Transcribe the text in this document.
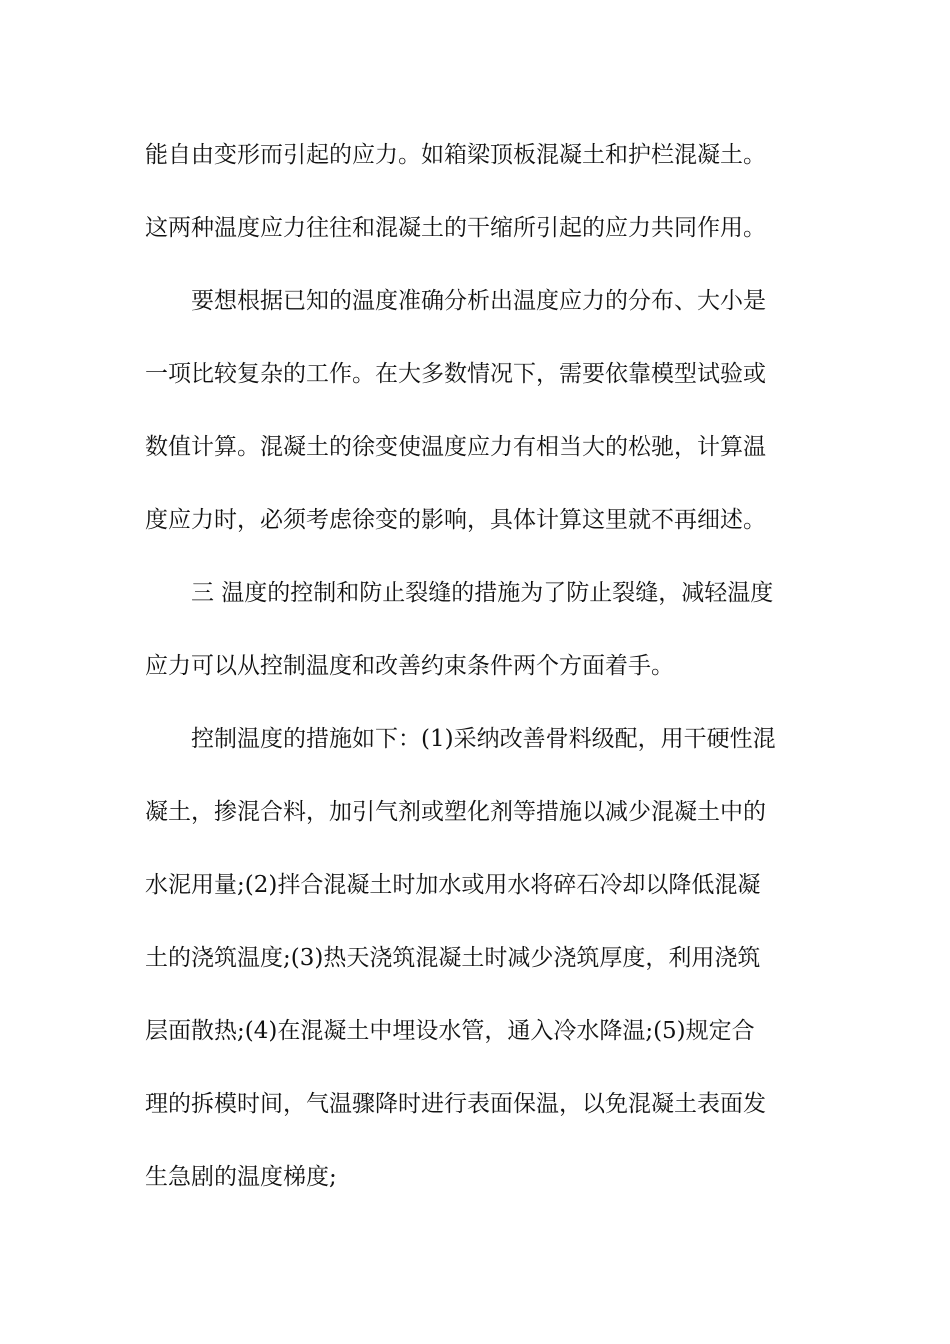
能自由变形而引起的应力。如箱梁顶板混凝土和护栏混凝土。
这两种温度应力往往和混凝土的干缩所引起的应力共同作用。
　　要想根据已知的温度准确分析出温度应力的分布、大小是
一项比较复杂的工作。在大多数情况下，需要依靠模型试验或
数值计算。混凝土的徐变使温度应力有相当大的松驰，计算温
度应力时，必须考虑徐变的影响，具体计算这里就不再细述。
　　三 温度的控制和防止裂缝的措施为了防止裂缝，减轻温度
应力可以从控制温度和改善约束条件两个方面着手。
　　控制温度的措施如下：(1)采纳改善骨料级配，用干硬性混
凝土，掺混合料，加引气剂或塑化剂等措施以减少混凝土中的
水泥用量;(2)拌合混凝土时加水或用水将碎石冷却以降低混凝
土的浇筑温度;(3)热天浇筑混凝土时减少浇筑厚度，利用浇筑
层面散热;(4)在混凝土中埋设水管，通入冷水降温;(5)规定合
理的拆模时间，气温骤降时进行表面保温，以免混凝土表面发
生急剧的温度梯度;
